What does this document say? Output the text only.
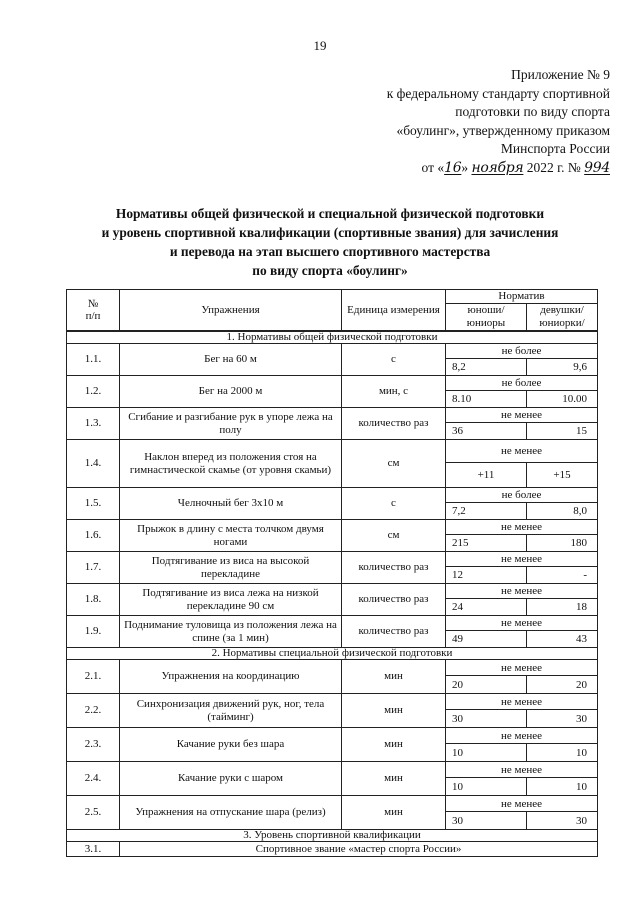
19
Приложение № 9
к федеральному стандарту спортивной
подготовки по виду спорта
«боулинг», утвержденному приказом
Минспорта России
от «16» ноября 2022 г. № 994
Нормативы общей физической и специальной физической подготовки
и уровень спортивной квалификации (спортивные звания) для зачисления
и перевода на этап высшего спортивного мастерства
по виду спорта «боулинг»
№
п/п	Упражнения	Единица измерения	Норматив	
			юноши/ юниоры	девушки/ юниорки/
1. Нормативы общей физической подготовки				
1.1.	Бег на 60 м	с	не более	
			8,2	9,6
1.2.	Бег на 2000 м	мин, с	не более	
			8.10	10.00
1.3.	Сгибание и разгибание рук в упоре лежа на полу	количество раз	не менее	
			36	15
1.4.	Наклон вперед из положения стоя на гимнастической скамье (от уровня скамьи)	см	не менее	
			+11	+15
1.5.	Челночный бег 3х10 м	с	не более	
			7,2	8,0
1.6.	Прыжок в длину с места толчком двумя ногами	см	не менее	
			215	180
1.7.	Подтягивание из виса на высокой перекладине	количество раз	не менее	
			12	-
1.8.	Подтягивание из виса лежа на низкой перекладине 90 см	количество раз	не менее	
			24	18
1.9.	Поднимание туловища из положения лежа на спине (за 1 мин)	количество раз	не менее	
			49	43
2. Нормативы специальной физической подготовки				
2.1.	Упражнения на координацию	мин	не менее	
			20	20
2.2.	Синхронизация движений рук, ног, тела (тайминг)	мин	не менее	
			30	30
2.3.	Качание руки без шара	мин	не менее	
			10	10
2.4.	Качание руки с шаром	мин	не менее	
			10	10
2.5.	Упражнения на отпускание шара (релиз)	мин	не менее	
			30	30
3. Уровень спортивной квалификации				
3.1.	Спортивное звание «мастер спорта России»			
